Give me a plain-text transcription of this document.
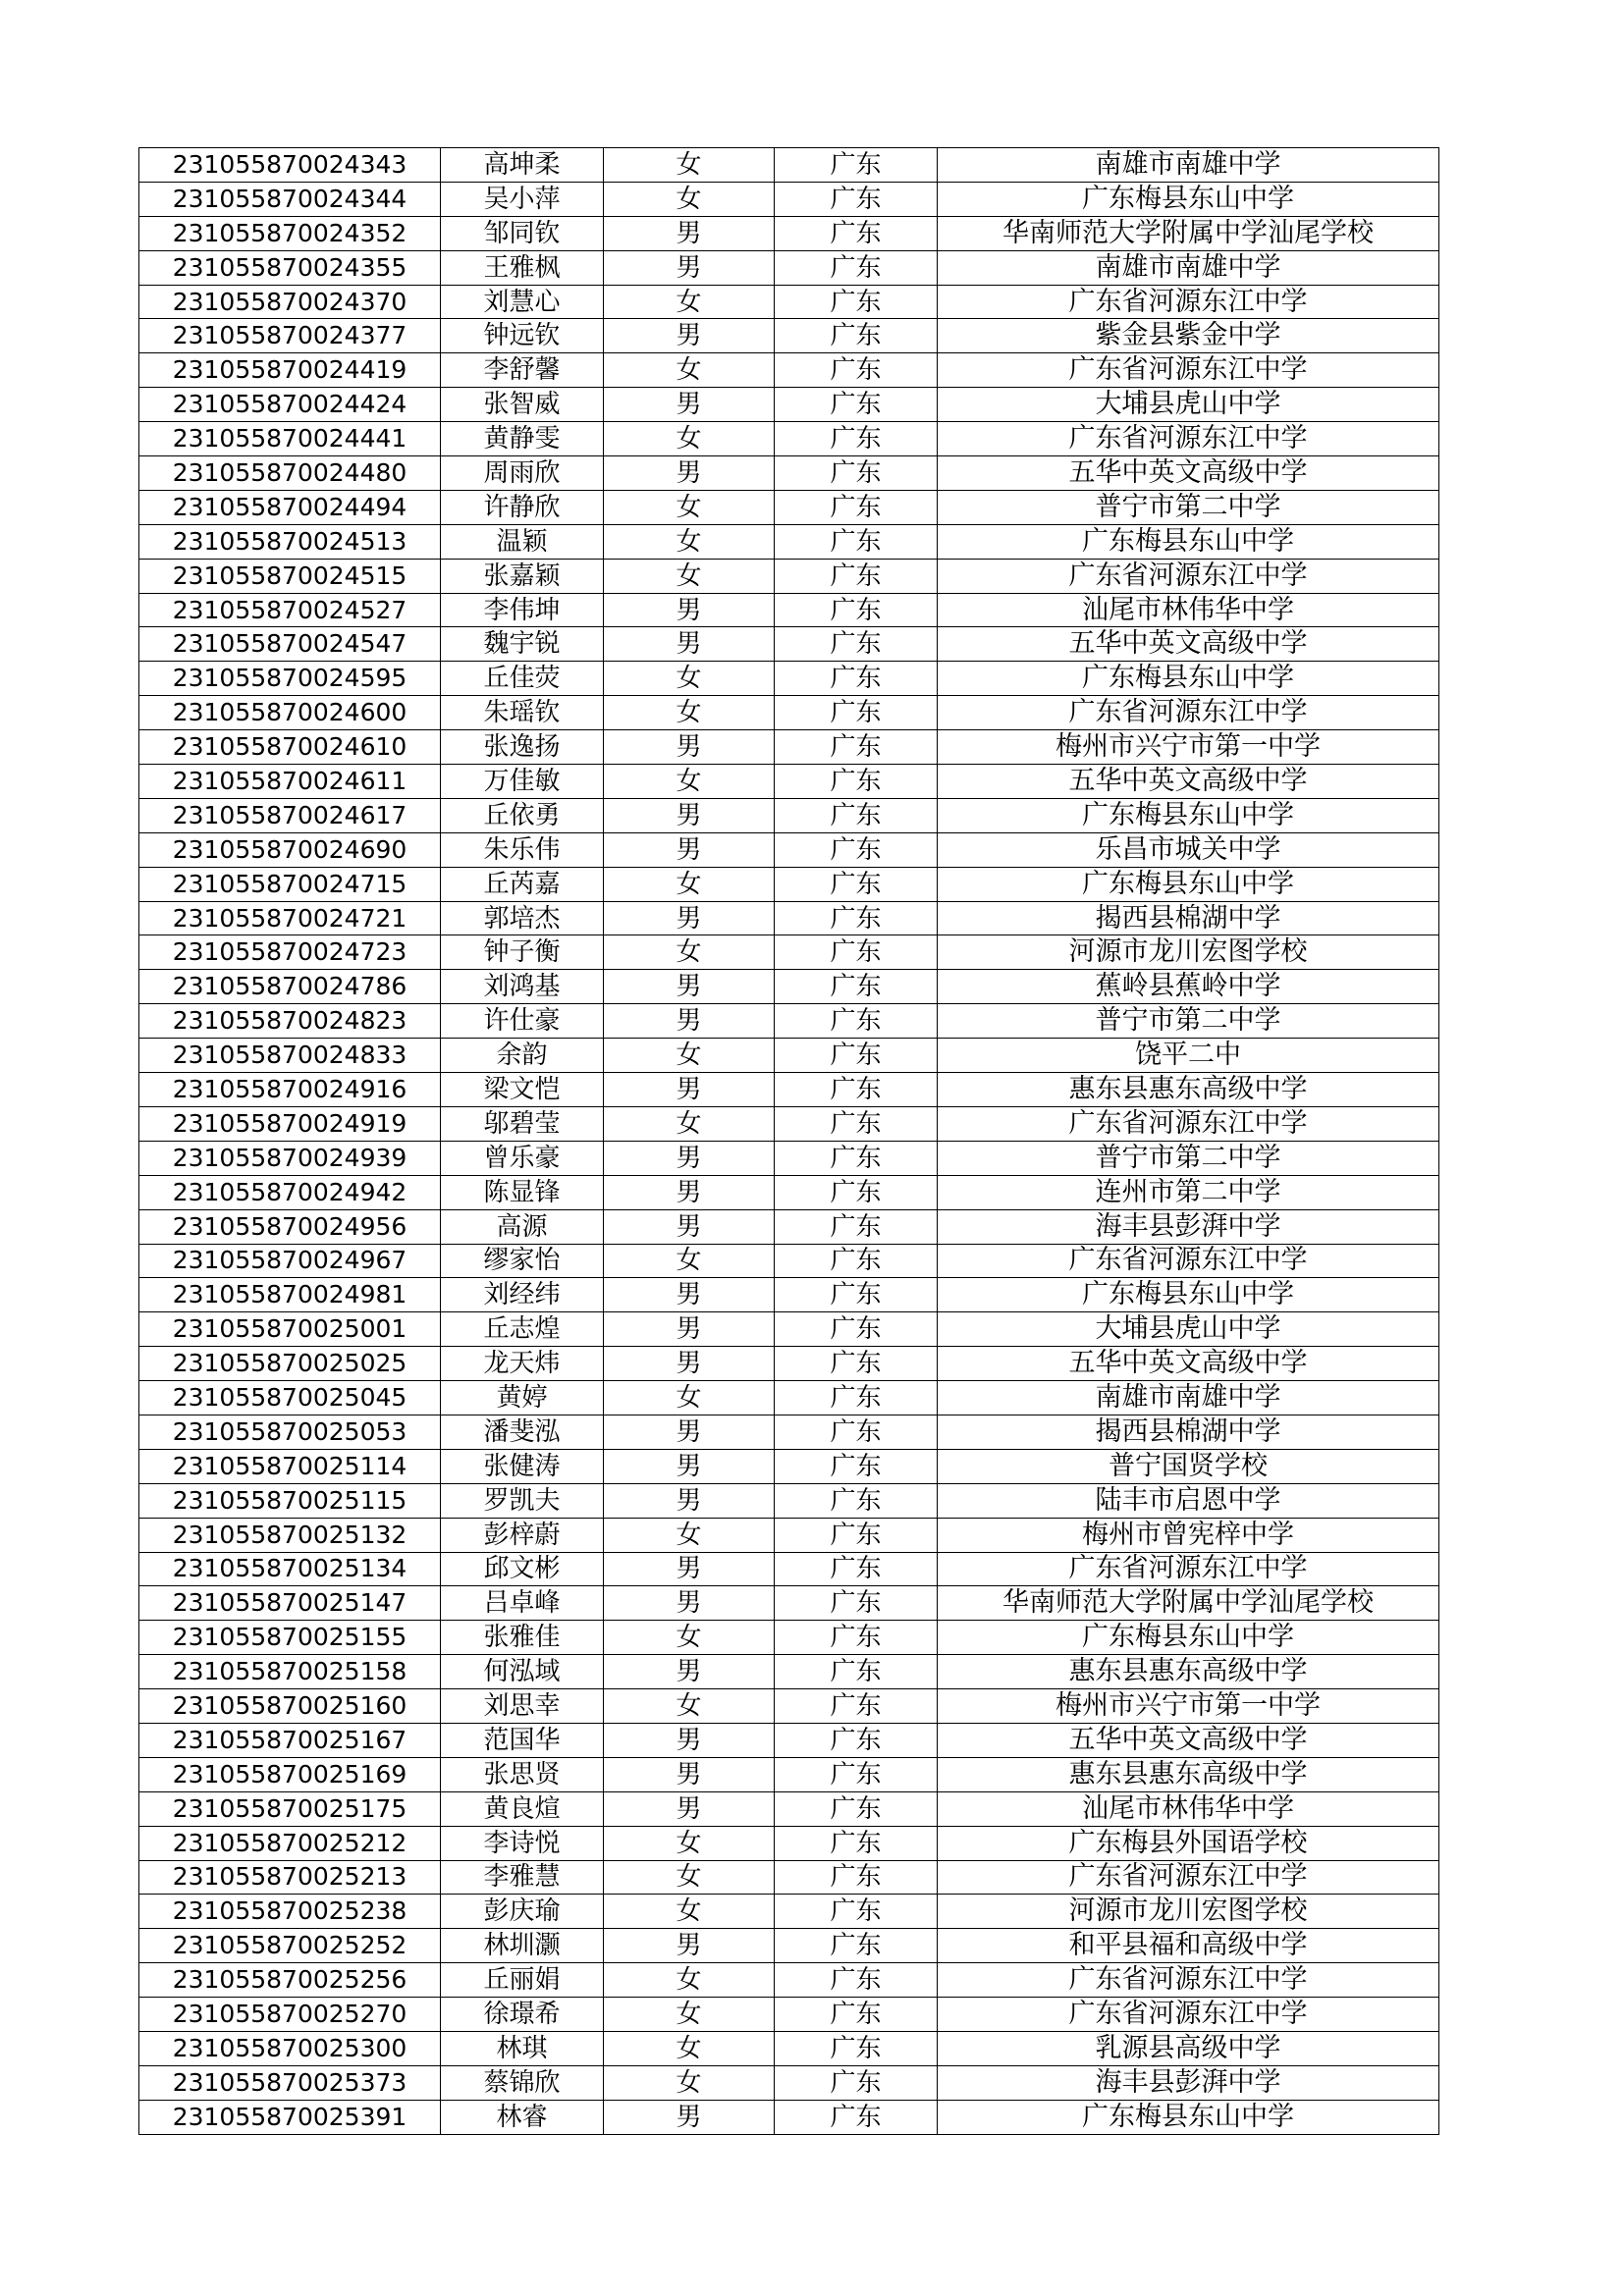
231055870024343	高坤柔	女	广东	南雄市南雄中学
231055870024344	吴小萍	女	广东	广东梅县东山中学
231055870024352	邹同钦	男	广东	华南师范大学附属中学汕尾学校
231055870024355	王雅枫	男	广东	南雄市南雄中学
231055870024370	刘慧心	女	广东	广东省河源东江中学
231055870024377	钟远钦	男	广东	紫金县紫金中学
231055870024419	李舒馨	女	广东	广东省河源东江中学
231055870024424	张智威	男	广东	大埔县虎山中学
231055870024441	黄静雯	女	广东	广东省河源东江中学
231055870024480	周雨欣	男	广东	五华中英文高级中学
231055870024494	许静欣	女	广东	普宁市第二中学
231055870024513	温颖	女	广东	广东梅县东山中学
231055870024515	张嘉颖	女	广东	广东省河源东江中学
231055870024527	李伟坤	男	广东	汕尾市林伟华中学
231055870024547	魏宇锐	男	广东	五华中英文高级中学
231055870024595	丘佳荧	女	广东	广东梅县东山中学
231055870024600	朱瑶钦	女	广东	广东省河源东江中学
231055870024610	张逸扬	男	广东	梅州市兴宁市第一中学
231055870024611	万佳敏	女	广东	五华中英文高级中学
231055870024617	丘依勇	男	广东	广东梅县东山中学
231055870024690	朱乐伟	男	广东	乐昌市城关中学
231055870024715	丘芮嘉	女	广东	广东梅县东山中学
231055870024721	郭培杰	男	广东	揭西县棉湖中学
231055870024723	钟子衡	女	广东	河源市龙川宏图学校
231055870024786	刘鸿基	男	广东	蕉岭县蕉岭中学
231055870024823	许仕豪	男	广东	普宁市第二中学
231055870024833	余韵	女	广东	饶平二中
231055870024916	梁文恺	男	广东	惠东县惠东高级中学
231055870024919	邬碧莹	女	广东	广东省河源东江中学
231055870024939	曾乐豪	男	广东	普宁市第二中学
231055870024942	陈显锋	男	广东	连州市第二中学
231055870024956	高源	男	广东	海丰县彭湃中学
231055870024967	缪家怡	女	广东	广东省河源东江中学
231055870024981	刘经纬	男	广东	广东梅县东山中学
231055870025001	丘志煌	男	广东	大埔县虎山中学
231055870025025	龙天炜	男	广东	五华中英文高级中学
231055870025045	黄婷	女	广东	南雄市南雄中学
231055870025053	潘斐泓	男	广东	揭西县棉湖中学
231055870025114	张健涛	男	广东	普宁国贤学校
231055870025115	罗凯夫	男	广东	陆丰市启恩中学
231055870025132	彭梓蔚	女	广东	梅州市曾宪梓中学
231055870025134	邱文彬	男	广东	广东省河源东江中学
231055870025147	吕卓峰	男	广东	华南师范大学附属中学汕尾学校
231055870025155	张雅佳	女	广东	广东梅县东山中学
231055870025158	何泓域	男	广东	惠东县惠东高级中学
231055870025160	刘思幸	女	广东	梅州市兴宁市第一中学
231055870025167	范国华	男	广东	五华中英文高级中学
231055870025169	张思贤	男	广东	惠东县惠东高级中学
231055870025175	黄良煊	男	广东	汕尾市林伟华中学
231055870025212	李诗悦	女	广东	广东梅县外国语学校
231055870025213	李雅慧	女	广东	广东省河源东江中学
231055870025238	彭庆瑜	女	广东	河源市龙川宏图学校
231055870025252	林圳灏	男	广东	和平县福和高级中学
231055870025256	丘丽娟	女	广东	广东省河源东江中学
231055870025270	徐璟希	女	广东	广东省河源东江中学
231055870025300	林琪	女	广东	乳源县高级中学
231055870025373	蔡锦欣	女	广东	海丰县彭湃中学
231055870025391	林睿	男	广东	广东梅县东山中学
